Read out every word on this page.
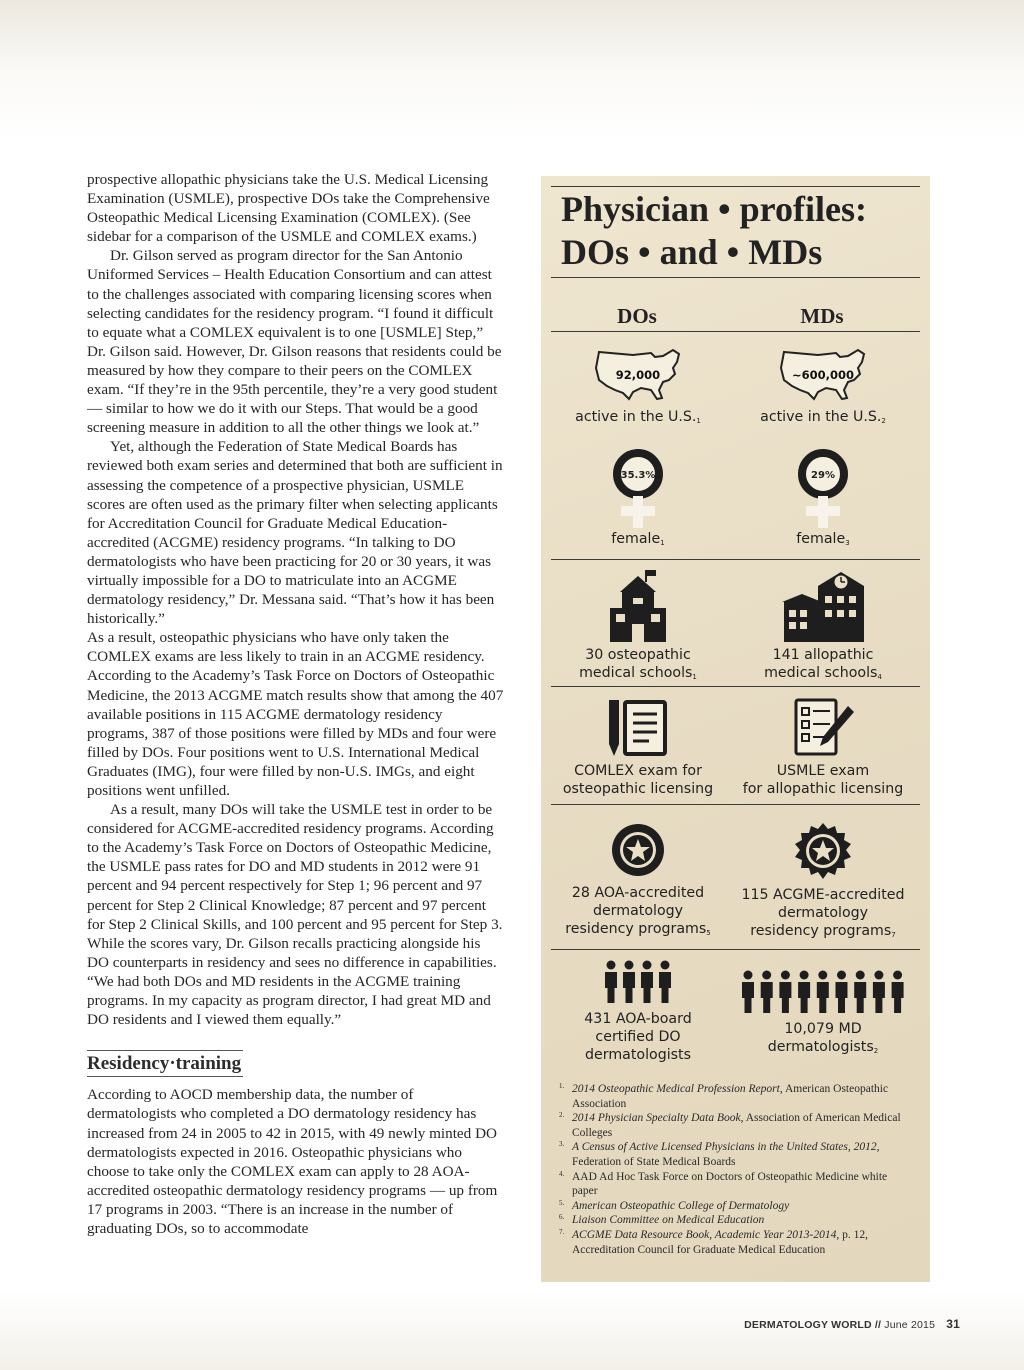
prospective allopathic physicians take the U.S. Medical Licensing Examination (USMLE), prospective DOs take the Comprehensive Osteopathic Medical Licensing Examination (COMLEX). (See sidebar for a comparison of the USMLE and COMLEX exams.)

Dr. Gilson served as program director for the San Antonio Uniformed Services – Health Education Consortium and can attest to the challenges associated with comparing licensing scores when selecting candidates for the residency program. “I found it difficult to equate what a COMLEX equivalent is to one [USMLE] Step,” Dr. Gilson said. However, Dr. Gilson reasons that residents could be measured by how they compare to their peers on the COMLEX exam. “If they’re in the 95th percentile, they’re a very good student — similar to how we do it with our Steps. That would be a good screening measure in addition to all the other things we look at.”

Yet, although the Federation of State Medical Boards has reviewed both exam series and determined that both are sufficient in assessing the competence of a prospective physician, USMLE scores are often used as the primary filter when selecting applicants for Accreditation Council for Graduate Medical Education-accredited (ACGME) residency programs. “In talking to DO dermatologists who have been practicing for 20 or 30 years, it was virtually impossible for a DO to matriculate into an ACGME dermatology residency,” Dr. Messana said. “That’s how it has been historically.”

As a result, osteopathic physicians who have only taken the COMLEX exams are less likely to train in an ACGME residency. According to the Academy’s Task Force on Doctors of Osteopathic Medicine, the 2013 ACGME match results show that among the 407 available positions in 115 ACGME dermatology residency programs, 387 of those positions were filled by MDs and four were filled by DOs. Four positions went to U.S. International Medical Graduates (IMG), four were filled by non-U.S. IMGs, and eight positions went unfilled.

As a result, many DOs will take the USMLE test in order to be considered for ACGME-accredited residency programs. According to the Academy’s Task Force on Doctors of Osteopathic Medicine, the USMLE pass rates for DO and MD students in 2012 were 91 percent and 94 percent respectively for Step 1; 96 percent and 97 percent for Step 2 Clinical Knowledge; 87 percent and 97 percent for Step 2 Clinical Skills, and 100 percent and 95 percent for Step 3. While the scores vary, Dr. Gilson recalls practicing alongside his DO counterparts in residency and sees no difference in capabilities. “We had both DOs and MD residents in the ACGME training programs. In my capacity as program director, I had great MD and DO residents and I viewed them equally.”

Residency·training

According to AOCD membership data, the number of dermatologists who completed a DO dermatology residency has increased from 24 in 2005 to 42 in 2015, with 49 newly minted DO dermatologists expected in 2016. Osteopathic physicians who choose to take only the COMLEX exam can apply to 28 AOA-accredited osteopathic dermatology residency programs — up from 17 programs in 2003. “There is an increase in the number of graduating DOs, so to accommodate

Physician • profiles:
DOs • and • MDs
DOs	MDs
92,000
active in the $U.S._1$
~600,000
active in the $U.S._2$
35.3%
female$_1$
29%
female$_3$
30 osteopathic
medical schools$_1$
141 allopathic
medical schools$_4$
COMLEX exam for
osteopathic licensing
USMLE exam
for allopathic licensing
28 AOA-accredited
dermatology
residency programs$_5$
115 ACGME-accredited
dermatology
residency programs$_7$
431 AOA-board
certified DO
dermatologists
10,079 MD
dermatologists$_2$
1. 2014 Osteopathic Medical Profession Report, American Osteopathic Association
2. 2014 Physician Specialty Data Book, Association of American Medical Colleges
3. A Census of Active Licensed Physicians in the United States, 2012, Federation of State Medical Boards
4. AAD Ad Hoc Task Force on Doctors of Osteopathic Medicine white paper
5. American Osteopathic College of Dermatology
6. Liaison Committee on Medical Education
7. ACGME Data Resource Book, Academic Year 2013-2014, p. 12, Accreditation Council for Graduate Medical Education
DERMATOLOGY WORLD // June 2015 31
